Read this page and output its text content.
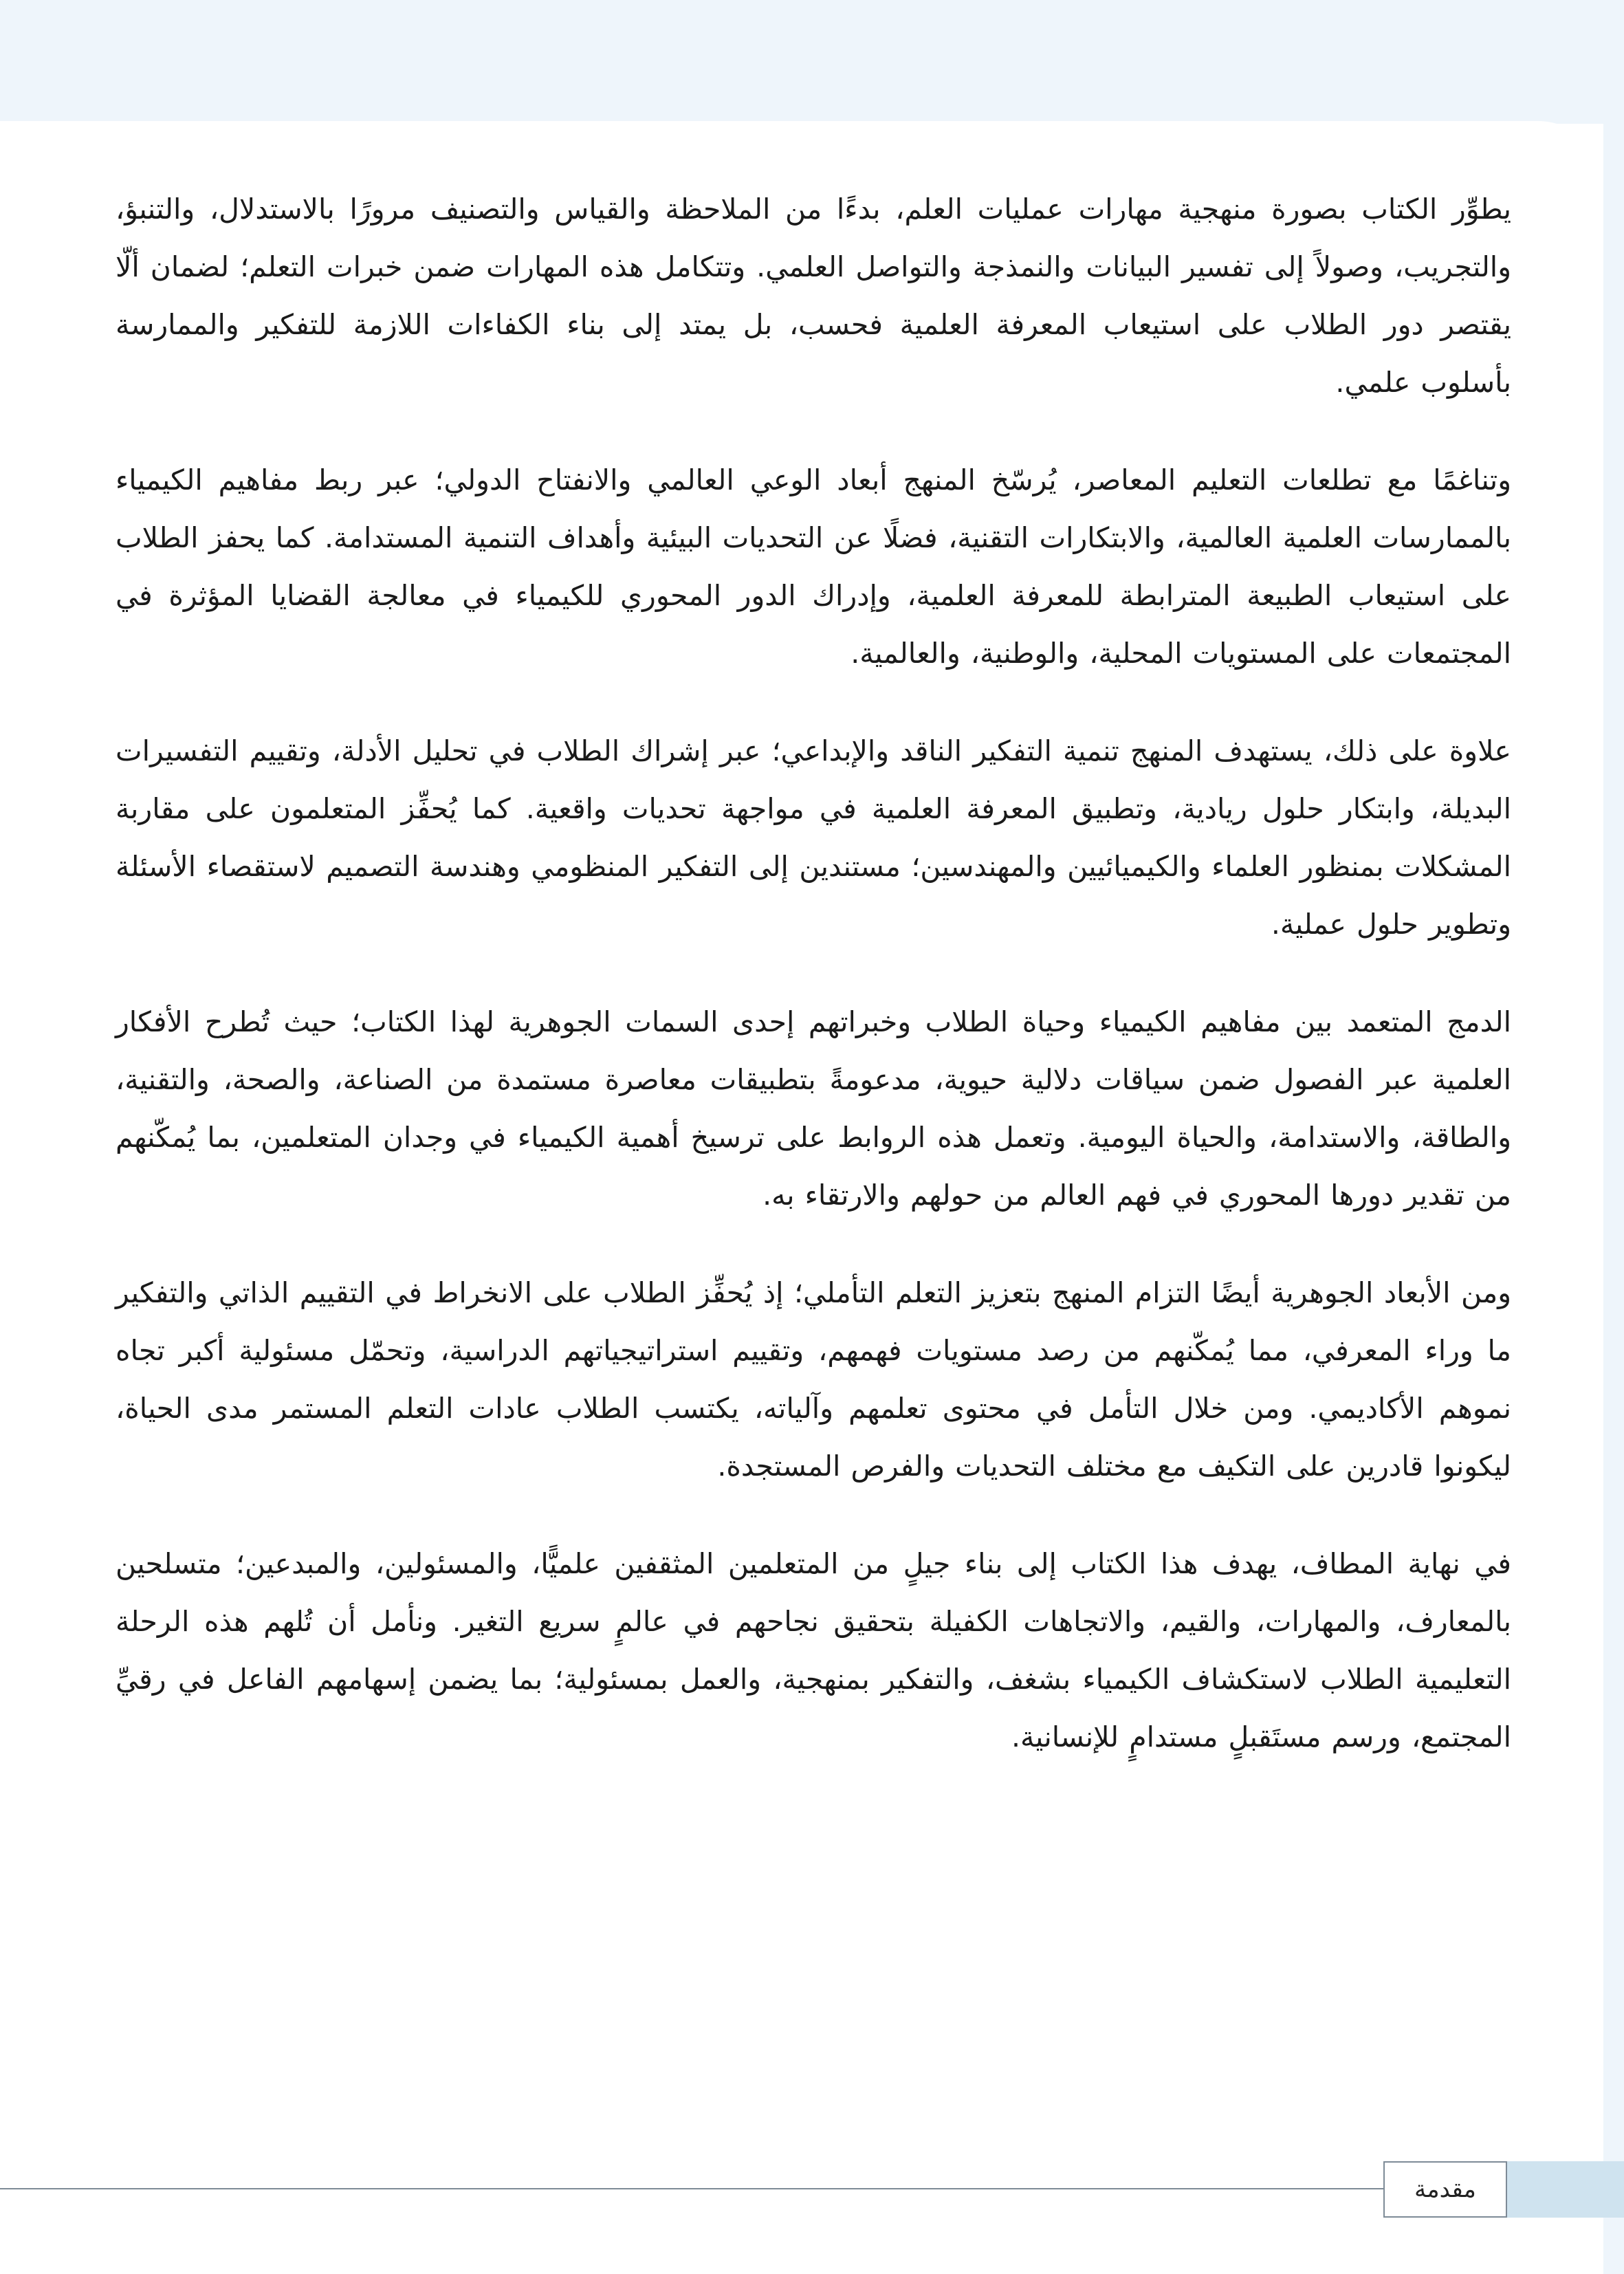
يطوِّر الكتاب بصورة منهجية مهارات عمليات العلم، بدءًا من الملاحظة والقياس والتصنيف مرورًا بالاستدلال، والتنبؤ، والتجريب، وصولاً إلى تفسير البيانات والنمذجة والتواصل العلمي. وتتكامل هذه المهارات ضمن خبرات التعلم؛ لضمان ألّا يقتصر دور الطلاب على استيعاب المعرفة العلمية فحسب، بل يمتد إلى بناء الكفاءات اللازمة للتفكير والممارسة بأسلوب علمي.

وتناغمًا مع تطلعات التعليم المعاصر، يُرسّخ المنهج أبعاد الوعي العالمي والانفتاح الدولي؛ عبر ربط مفاهيم الكيمياء بالممارسات العلمية العالمية، والابتكارات التقنية، فضلًا عن التحديات البيئية وأهداف التنمية المستدامة. كما يحفز الطلاب على استيعاب الطبيعة المترابطة للمعرفة العلمية، وإدراك الدور المحوري للكيمياء في معالجة القضايا المؤثرة في المجتمعات على المستويات المحلية، والوطنية، والعالمية.

علاوة على ذلك، يستهدف المنهج تنمية التفكير الناقد والإبداعي؛ عبر إشراك الطلاب في تحليل الأدلة، وتقييم التفسيرات البديلة، وابتكار حلول ريادية، وتطبيق المعرفة العلمية في مواجهة تحديات واقعية. كما يُحفِّز المتعلمون على مقاربة المشكلات بمنظور العلماء والكيميائيين والمهندسين؛ مستندين إلى التفكير المنظومي وهندسة التصميم لاستقصاء الأسئلة وتطوير حلول عملية.

الدمج المتعمد بين مفاهيم الكيمياء وحياة الطلاب وخبراتهم إحدى السمات الجوهرية لهذا الكتاب؛ حيث تُطرح الأفكار العلمية عبر الفصول ضمن سياقات دلالية حيوية، مدعومةً بتطبيقات معاصرة مستمدة من الصناعة، والصحة، والتقنية، والطاقة، والاستدامة، والحياة اليومية. وتعمل هذه الروابط على ترسيخ أهمية الكيمياء في وجدان المتعلمين، بما يُمكّنهم من تقدير دورها المحوري في فهم العالم من حولهم والارتقاء به.

ومن الأبعاد الجوهرية أيضًا التزام المنهج بتعزيز التعلم التأملي؛ إذ يُحفِّز الطلاب على الانخراط في التقييم الذاتي والتفكير ما وراء المعرفي، مما يُمكّنهم من رصد مستويات فهمهم، وتقييم استراتيجياتهم الدراسية، وتحمّل مسئولية أكبر تجاه نموهم الأكاديمي. ومن خلال التأمل في محتوى تعلمهم وآلياته، يكتسب الطلاب عادات التعلم المستمر مدى الحياة، ليكونوا قادرين على التكيف مع مختلف التحديات والفرص المستجدة.

في نهاية المطاف، يهدف هذا الكتاب إلى بناء جيلٍ من المتعلمين المثقفين علميًّا، والمسئولين، والمبدعين؛ متسلحين بالمعارف، والمهارات، والقيم، والاتجاهات الكفيلة بتحقيق نجاحهم في عالمٍ سريع التغير. ونأمل أن تُلهم هذه الرحلة التعليمية الطلاب لاستكشاف الكيمياء بشغف، والتفكير بمنهجية، والعمل بمسئولية؛ بما يضمن إسهامهم الفاعل في رقيِّ المجتمع، ورسم مستَقبلٍ مستدامٍ للإنسانية.

مقدمة
